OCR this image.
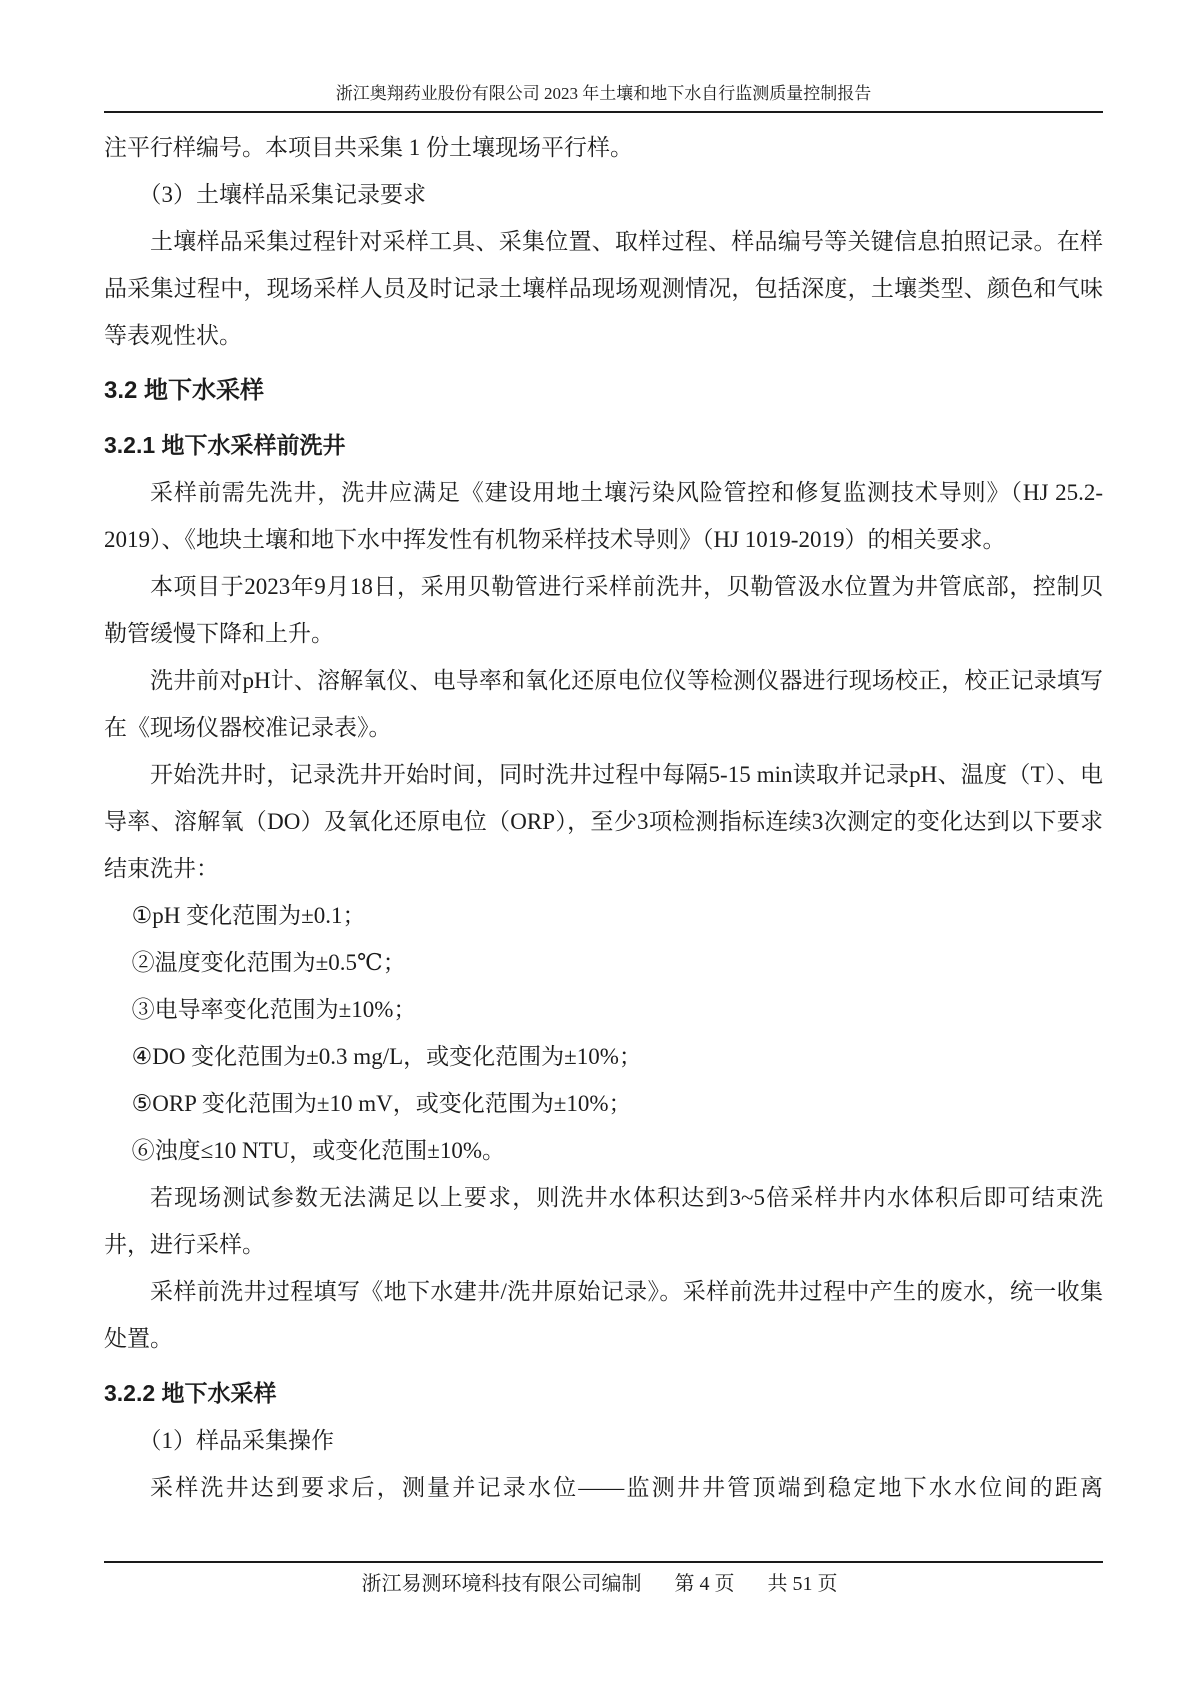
浙江奥翔药业股份有限公司 2023 年土壤和地下水自行监测质量控制报告

注平行样编号。本项目共采集 1 份土壤现场平行样。

（3）土壤样品采集记录要求

土壤样品采集过程针对采样工具、采集位置、取样过程、样品编号等关键信息拍照记录。在样品采集过程中，现场采样人员及时记录土壤样品现场观测情况，包括深度，土壤类型、颜色和气味等表观性状。

3.2 地下水采样

3.2.1 地下水采样前洗井

采样前需先洗井，洗井应满足《建设用地土壤污染风险管控和修复监测技术导则》（HJ 25.2-2019）、《地块土壤和地下水中挥发性有机物采样技术导则》（HJ 1019-2019）的相关要求。

本项目于2023年9月18日，采用贝勒管进行采样前洗井，贝勒管汲水位置为井管底部，控制贝勒管缓慢下降和上升。

洗井前对pH计、溶解氧仪、电导率和氧化还原电位仪等检测仪器进行现场校正，校正记录填写在《现场仪器校准记录表》。

开始洗井时，记录洗井开始时间，同时洗井过程中每隔5-15 min读取并记录pH、温度（T）、电导率、溶解氧（DO）及氧化还原电位（ORP），至少3项检测指标连续3次测定的变化达到以下要求结束洗井：

①pH 变化范围为±0.1；

②温度变化范围为±0.5℃；

③电导率变化范围为±10%；

④DO 变化范围为±0.3 mg/L，或变化范围为±10%；

⑤ORP 变化范围为±10 mV，或变化范围为±10%；

⑥浊度≤10 NTU，或变化范围±10%。

若现场测试参数无法满足以上要求，则洗井水体积达到3~5倍采样井内水体积后即可结束洗井，进行采样。

采样前洗井过程填写《地下水建井/洗井原始记录》。采样前洗井过程中产生的废水，统一收集处置。

3.2.2 地下水采样

（1）样品采集操作

采样洗井达到要求后，测量并记录水位——监测井井管顶端到稳定地下水水位间的距离

浙江易测环境科技有限公司编制 第 4 页 共 51 页
